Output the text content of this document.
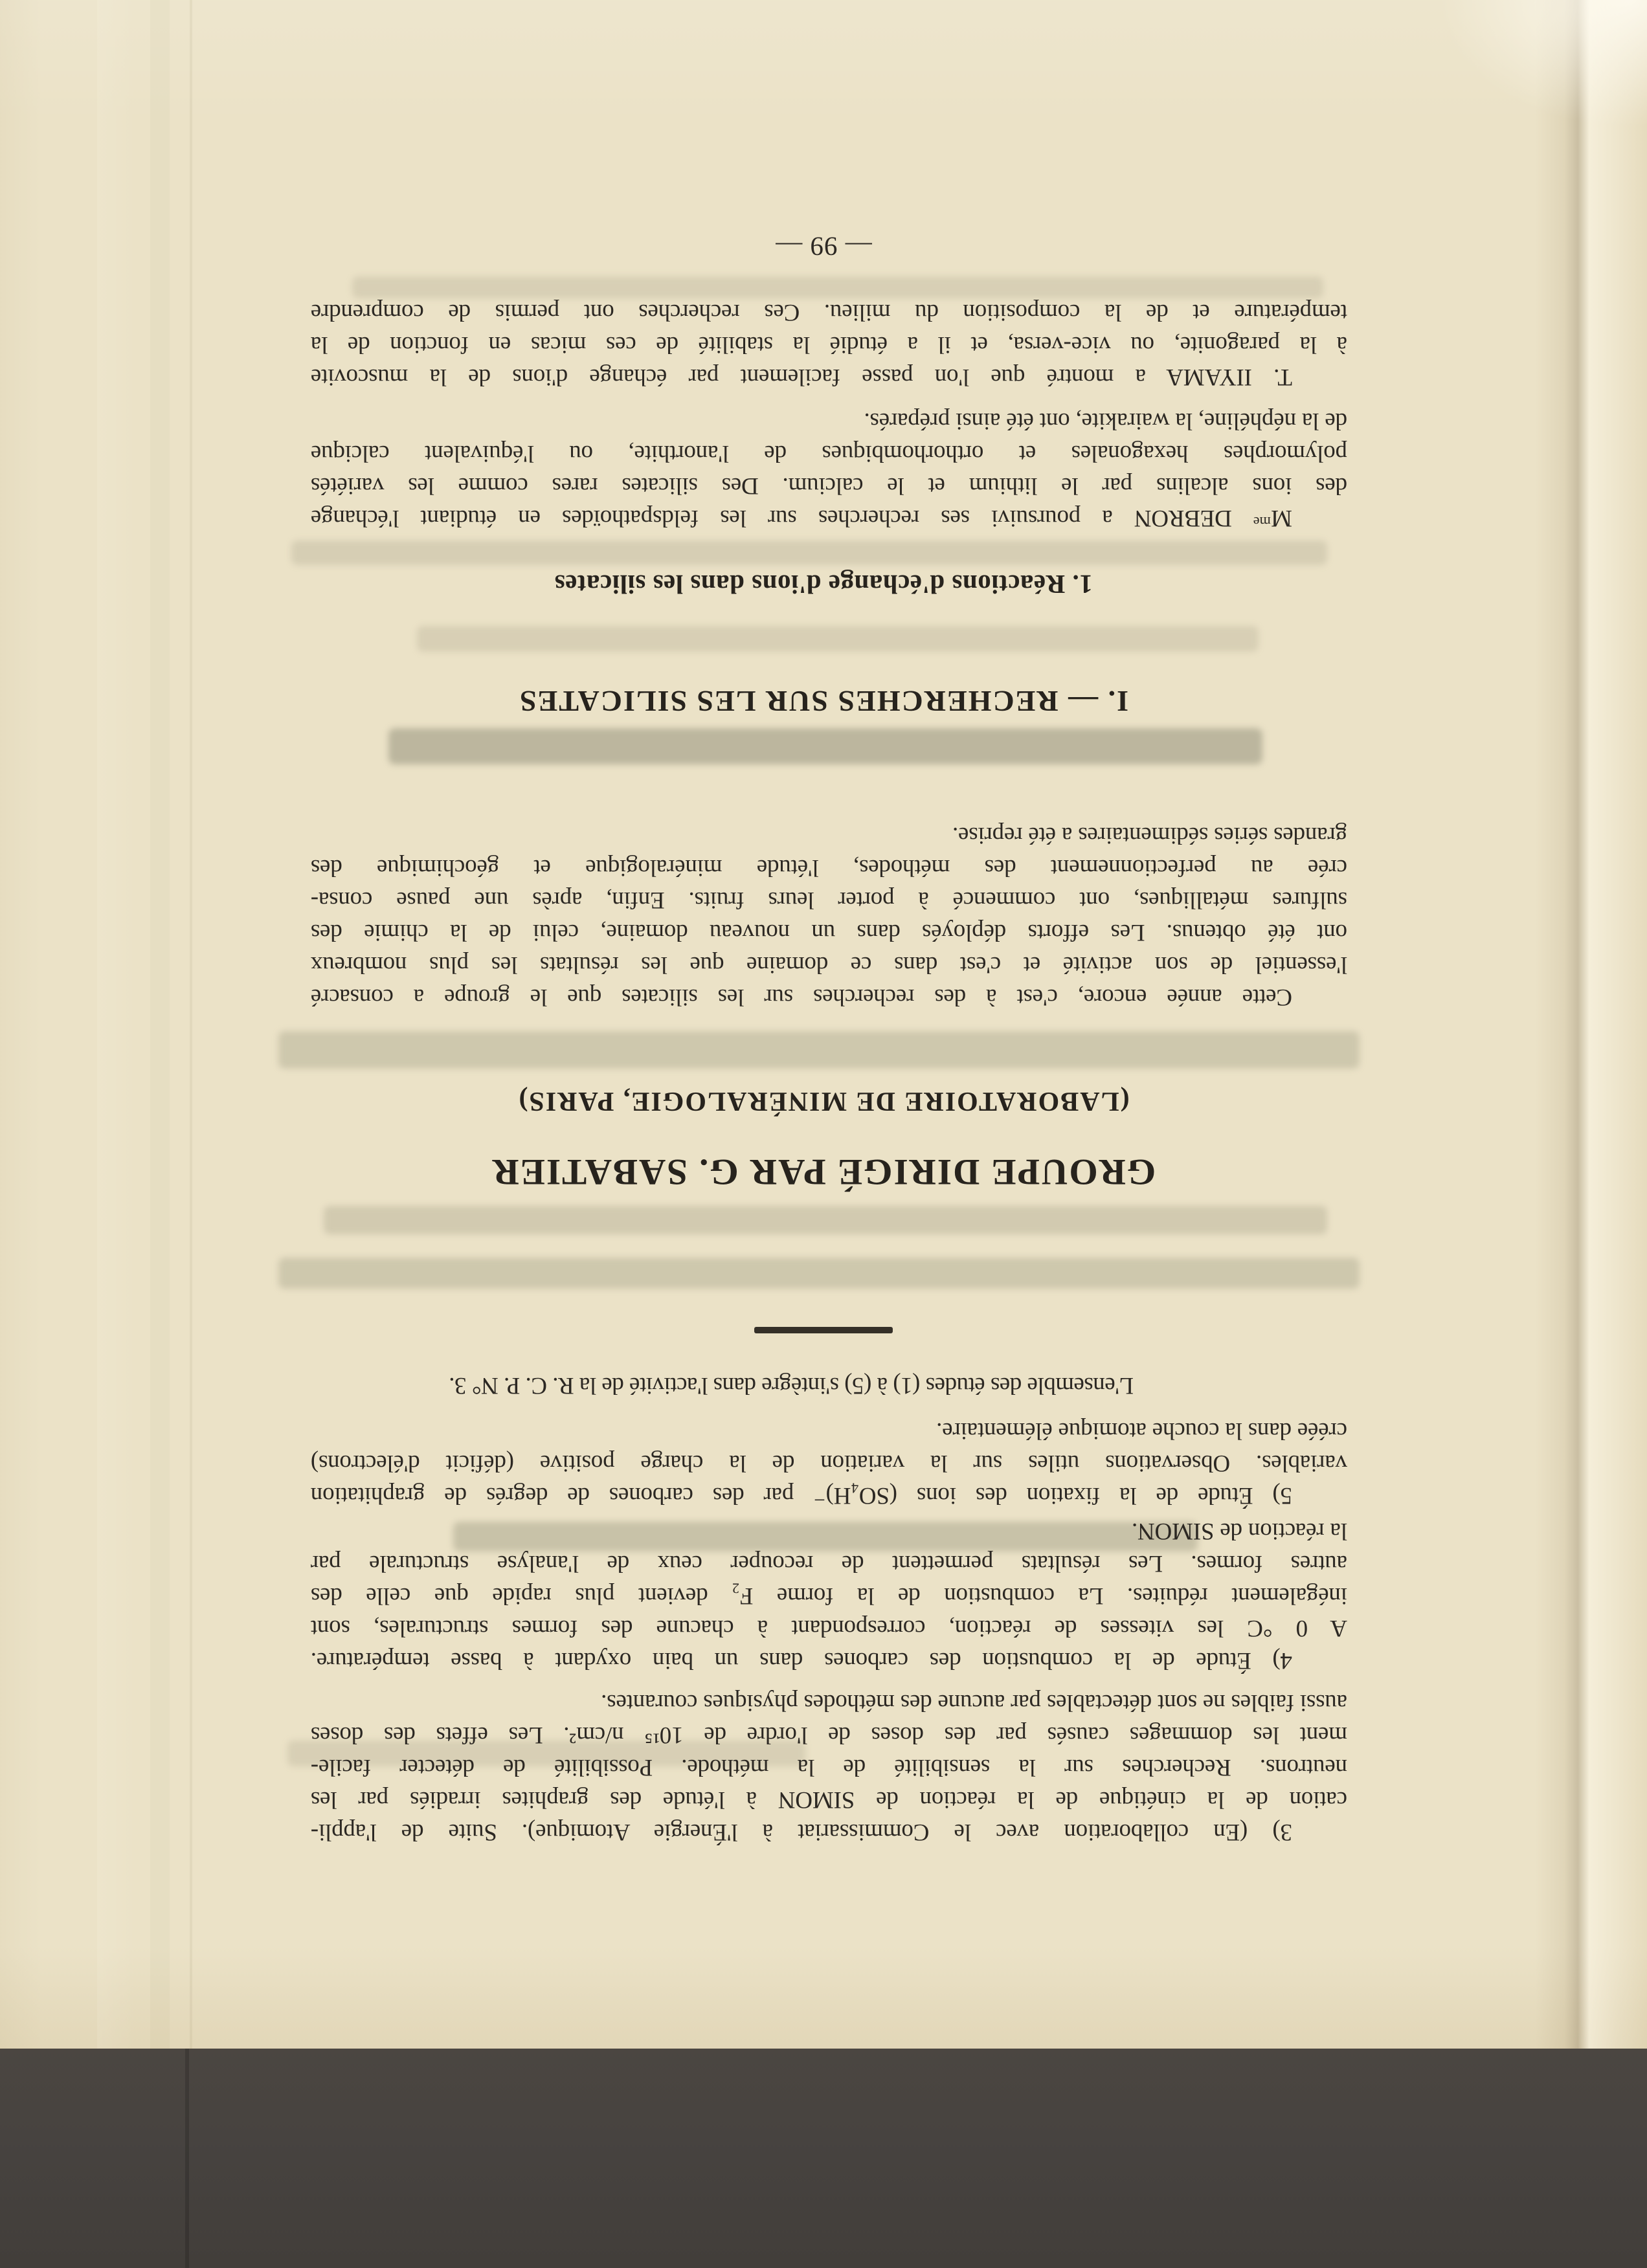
3) (En collaboration avec le Commissariat à l'Énergie Atomique). Suite de l'appli-
cation de la cinétique de la réaction de SIMON à l'étude des graphites irradiés par les
neutrons. Recherches sur la sensibilité de la méthode. Possibilité de détecter facile-
ment les dommages causés par des doses de l'ordre de 10¹⁵ n/cm². Les effets des doses
aussi faibles ne sont détectables par aucune des méthodes physiques courantes.
4) Étude de la combustion des carbones dans un bain oxydant à basse température.
A 0 °C les vitesses de réaction, correspondant à chacune des formes structurales, sont
inégalement réduites. La combustion de la forme F₂ devient plus rapide que celle des
autres formes. Les résultats permettent de recouper ceux de l'analyse structurale par
la réaction de SIMON.
5) Étude de la fixation des ions (SO₄H)⁻ par des carbones de degrés de graphitation
variables. Observations utiles sur la variation de la charge positive (déficit d'électrons)
créée dans la couche atomique élémentaire.
L'ensemble des études (1) à (5) s'intègre dans l'activité de la R. C. P. N° 3.
GROUPE DIRIGÉ PAR G. SABATIER
(LABORATOIRE DE MINÉRALOGIE, PARIS)
Cette année encore, c'est à des recherches sur les silicates que le groupe a consacré
l'essentiel de son activité et c'est dans ce domaine que les résultats les plus nombreux
ont été obtenus. Les efforts déployés dans un nouveau domaine, celui de la chimie des
sulfures métalliques, ont commencé à porter leurs fruits. Enfin, après une pause consa-
crée au perfectionnement des méthodes, l'étude minéralogique et géochimique des
grandes séries sédimentaires a été reprise.
I. — RECHERCHES SUR LES SILICATES
1. Réactions d'échange d'ions dans les silicates
Mᵐᵉ DEBRON a poursuivi ses recherches sur les feldspathoïdes en étudiant l'échange
des ions alcalins par le lithium et le calcium. Des silicates rares comme les variétés
polymorphes hexagonales et orthorhombiques de l'anorthite, ou l'équivalent calcique
de la néphéline, la wairakite, ont été ainsi préparés.
T. IIYAMA a montré que l'on passe facilement par échange d'ions de la muscovite
à la paragonite, ou vice-versa, et il a étudié la stabilité de ces micas en fonction de la
température et de la composition du milieu. Ces recherches ont permis de comprendre
— 99 —
